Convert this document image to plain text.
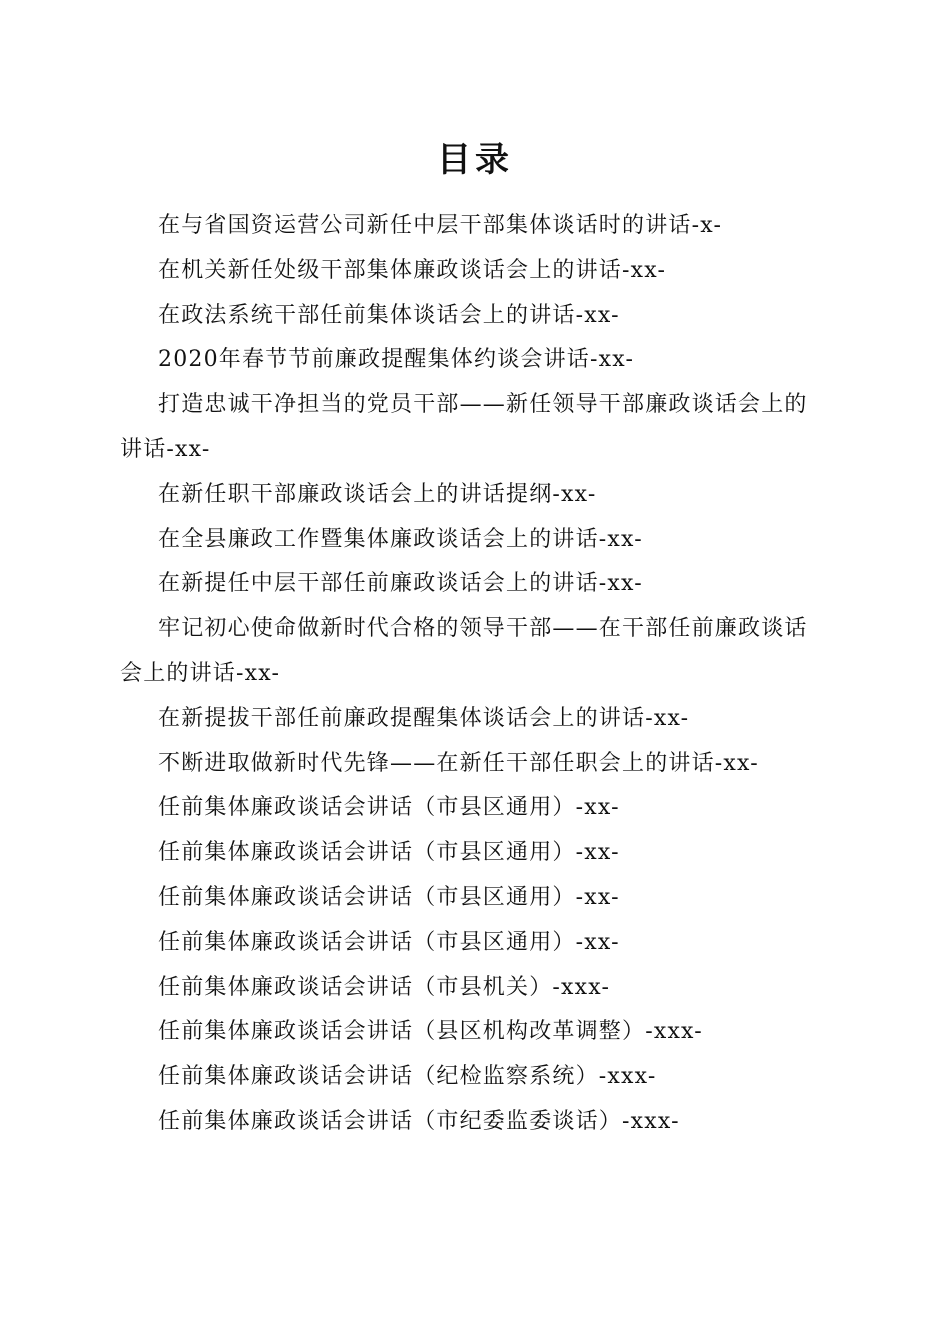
目录
在与省国资运营公司新任中层干部集体谈话时的讲话-x-
在机关新任处级干部集体廉政谈话会上的讲话-xx-
在政法系统干部任前集体谈话会上的讲话-xx-
2020年春节节前廉政提醒集体约谈会讲话-xx-
打造忠诚干净担当的党员干部——新任领导干部廉政谈话会上的讲话-xx-
在新任职干部廉政谈话会上的讲话提纲-xx-
在全县廉政工作暨集体廉政谈话会上的讲话-xx-
在新提任中层干部任前廉政谈话会上的讲话-xx-
牢记初心使命做新时代合格的领导干部——在干部任前廉政谈话会上的讲话-xx-
在新提拔干部任前廉政提醒集体谈话会上的讲话-xx-
不断进取做新时代先锋——在新任干部任职会上的讲话-xx-
任前集体廉政谈话会讲话（市县区通用）-xx-
任前集体廉政谈话会讲话（市县区通用）-xx-
任前集体廉政谈话会讲话（市县区通用）-xx-
任前集体廉政谈话会讲话（市县区通用）-xx-
任前集体廉政谈话会讲话（市县机关）-xxx-
任前集体廉政谈话会讲话（县区机构改革调整）-xxx-
任前集体廉政谈话会讲话（纪检监察系统）-xxx-
任前集体廉政谈话会讲话（市纪委监委谈话）-xxx-
